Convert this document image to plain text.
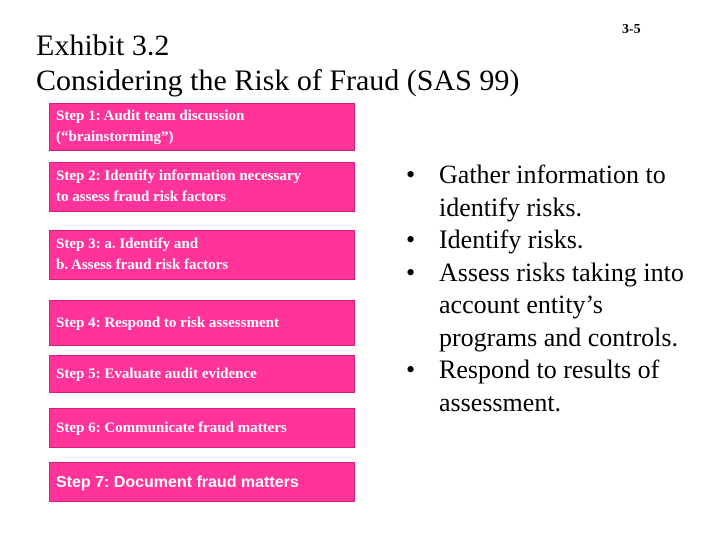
3-5
Exhibit 3.2
Considering the Risk of Fraud (SAS 99)
Step 1: Audit team discussion
(“brainstorming”)
Step 2: Identify information necessary
to assess fraud risk factors
Step 3: a. Identify and
b. Assess fraud risk factors
Step 4: Respond to risk assessment
Step 5: Evaluate audit evidence
Step 6: Communicate fraud matters
Step 7: Document fraud matters
• Gather information to identify risks.
• Identify risks.
• Assess risks taking into account entity’s programs and controls.
• Respond to results of assessment.
